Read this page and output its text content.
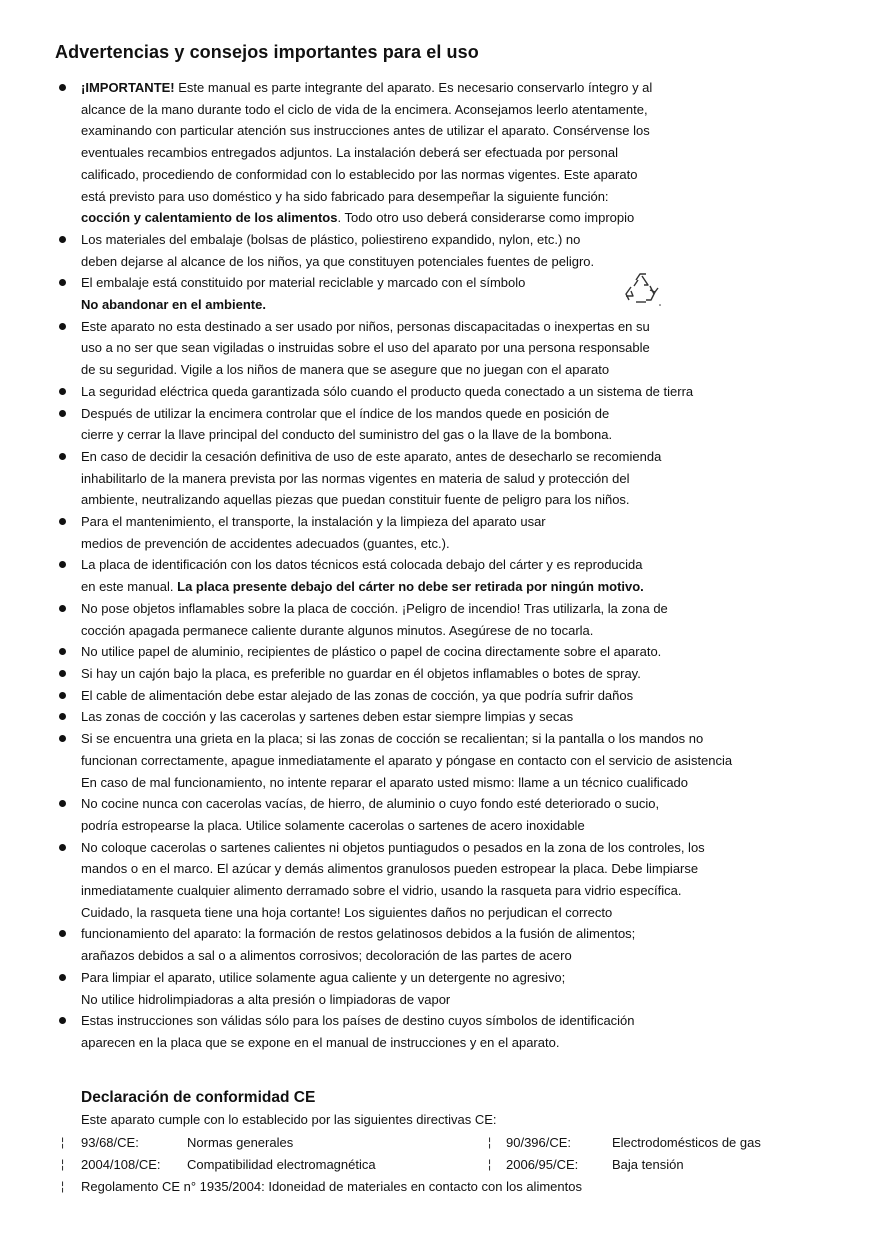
Advertencias y consejos importantes para el uso
¡IMPORTANTE! Este manual es parte integrante del aparato. Es necesario conservarlo íntegro y al
alcance de la mano durante todo el ciclo de vida de la encimera. Aconsejamos leerlo atentamente,
examinando con particular atención sus instrucciones antes de utilizar el aparato. Consérvense los
eventuales recambios entregados adjuntos. La instalación deberá ser efectuada por personal
calificado, procediendo de conformidad con lo establecido por las normas vigentes. Este aparato
está previsto para uso doméstico y ha sido fabricado para desempeñar la siguiente función:
cocción y calentamiento de los alimentos. Todo otro uso deberá considerarse como impropio
Los materiales del embalaje (bolsas de plástico, poliestireno expandido, nylon, etc.) no
deben dejarse al alcance de los niños, ya que constituyen potenciales fuentes de peligro.
El embalaje está constituido por material reciclable y marcado con el símbolo
No abandonar en el ambiente.
Este aparato no esta destinado a ser usado por niños, personas discapacitadas o inexpertas en su
uso a no ser que sean vigiladas o instruidas sobre el uso del aparato por una persona responsable
de su seguridad. Vigile a los niños de manera que se asegure que no juegan con el aparato
La seguridad eléctrica queda garantizada sólo cuando el producto queda conectado a un sistema de tierra
Después de utilizar la encimera controlar que el índice de los mandos quede en posición de
cierre y cerrar la llave principal del conducto del suministro del gas o la llave de la bombona.
En caso de decidir la cesación definitiva de uso de este aparato, antes de desecharlo se recomienda
inhabilitarlo de la manera prevista por las normas vigentes en materia de salud y protección del
ambiente, neutralizando aquellas piezas que puedan constituir fuente de peligro para los niños.
Para el mantenimiento, el transporte, la instalación y la limpieza del aparato usar
medios de prevención de accidentes adecuados (guantes, etc.).
La placa de identificación con los datos técnicos está colocada debajo del cárter y es reproducida
en este manual. La placa presente debajo del cárter no debe ser retirada por ningún motivo.
No pose objetos inflamables sobre la placa de cocción. ¡Peligro de incendio! Tras utilizarla, la zona de
cocción apagada permanece caliente durante algunos minutos. Asegúrese de no tocarla.
No utilice papel de aluminio, recipientes de plástico o papel de cocina directamente sobre el aparato.
Si hay un cajón bajo la placa, es preferible no guardar en él objetos inflamables o botes de spray.
El cable de alimentación debe estar alejado de las zonas de cocción, ya que podría sufrir daños
Las zonas de cocción y las cacerolas y sartenes deben estar siempre limpias y secas
Si se encuentra una grieta en la placa; si las zonas de cocción se recalientan; si la pantalla o los mandos no
funcionan correctamente, apague inmediatamente el aparato y póngase en contacto con el servicio de asistencia
En caso de mal funcionamiento, no intente reparar el aparato usted mismo: llame a un técnico cualificado
No cocine nunca con cacerolas vacías, de hierro, de aluminio o cuyo fondo esté deteriorado o sucio,
podría estropearse la placa. Utilice solamente cacerolas o sartenes de acero inoxidable
No coloque cacerolas o sartenes calientes ni objetos puntiagudos o pesados en la zona de los controles, los
mandos o en el marco. El azúcar y demás alimentos granulosos pueden estropear la placa. Debe limpiarse
inmediatamente cualquier alimento derramado sobre el vidrio, usando la rasqueta para vidrio específica.
Cuidado, la rasqueta tiene una hoja cortante! Los siguientes daños no perjudican el correcto
funcionamiento del aparato: la formación de restos gelatinosos debidos a la fusión de alimentos;
arañazos debidos a sal o a alimentos corrosivos; decoloración de las partes de acero
Para limpiar el aparato, utilice solamente agua caliente y un detergente no agresivo;
No utilice hidrolimpiadoras a alta presión o limpiadoras de vapor
Estas instrucciones son válidas sólo para los países de destino cuyos símbolos de identificación
aparecen en la placa que se expone en el manual de instrucciones y en el aparato.
Declaración de conformidad CE
Este aparato cumple con lo establecido por las siguientes directivas CE:
¦ 93/68/CE:	Normas generales	¦ 90/396/CE:	Electrodomésticos de gas
¦ 2004/108/CE: Compatibilidad electromagnética	¦ 2006/95/CE:	Baja tensión
¦ Regolamento CE n° 1935/2004: Idoneidad de materiales en contacto con los alimentos
